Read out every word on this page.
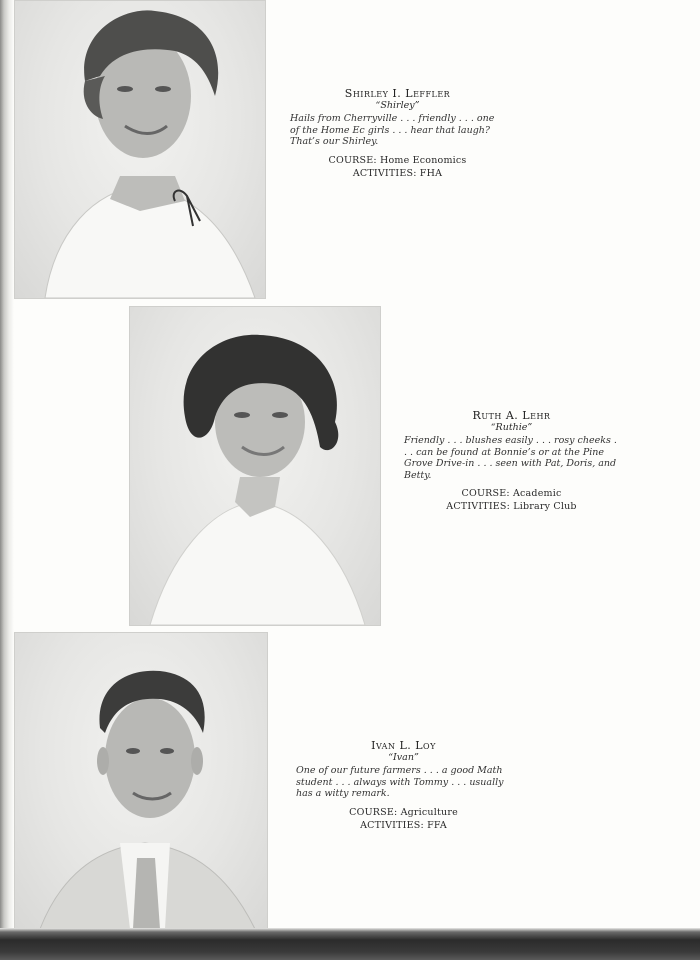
Shirley I. Leffler
“Shirley”
Hails from Cherryville . . . friendly . . . one of the Home Ec girls . . . hear that laugh? That’s our Shirley.
COURSE: Home Economics
ACTIVITIES: FHA
Ruth A. Lehr
“Ruthie”
Friendly . . . blushes easily . . . rosy cheeks . . . can be found at Bonnie’s or at the Pine Grove Drive-in . . . seen with Pat, Doris, and Betty.
COURSE: Academic
ACTIVITIES: Library Club
Ivan L. Loy
“Ivan”
One of our future farmers . . . a good Math student . . . always with Tommy . . . usually has a witty remark.
COURSE: Agriculture
ACTIVITIES: FFA
